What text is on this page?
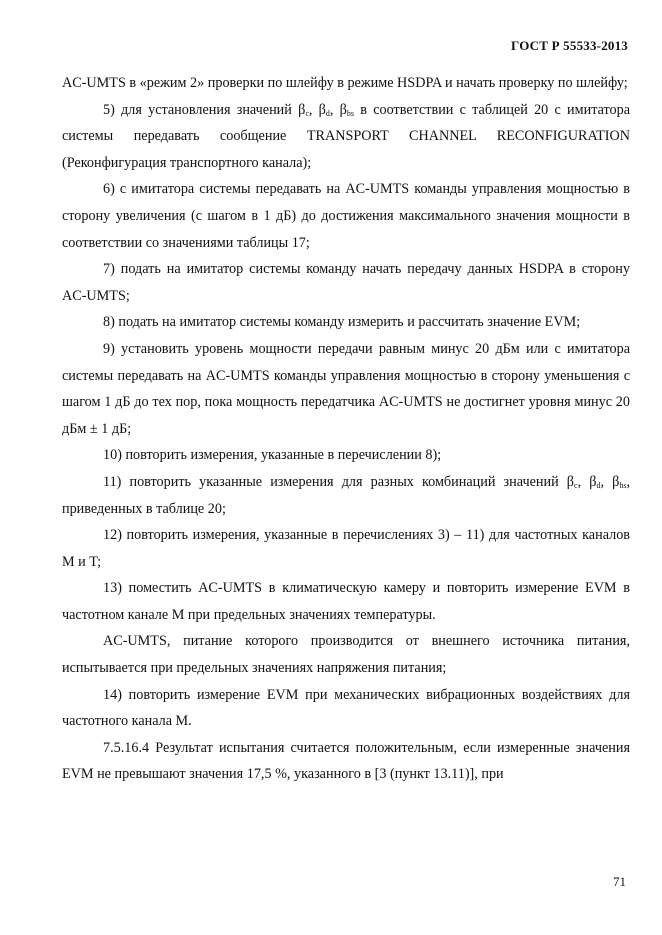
ГОСТ Р 55533-2013

AC-UMTS в «режим 2» проверки по шлейфу в режиме HSDPA и начать проверку по шлейфу;

5) для установления значений $\beta_c$, $\beta_d$, $\beta_{hs}$ в соответствии с таблицей 20 с имитатора системы передавать сообщение TRANSPORT CHANNEL RECONFIGURATION (Реконфигурация транспортного канала);

6) с имитатора системы передавать на AC-UMTS команды управления мощностью в сторону увеличения (с шагом в 1 дБ) до достижения максимального значения мощности в соответствии со значениями таблицы 17;

7) подать на имитатор системы команду начать передачу данных HSDPA в сторону AC-UMTS;

8) подать на имитатор системы команду измерить и рассчитать значение EVM;

9) установить уровень мощности передачи равным минус 20 дБм или с имитатора системы передавать на AC-UMTS команды управления мощностью в сторону уменьшения с шагом 1 дБ до тех пор, пока мощность передатчика AC-UMTS не достигнет уровня минус 20 дБм ± 1 дБ;

10) повторить измерения, указанные в перечислении 8);

11) повторить указанные измерения для разных комбинаций значений $\beta_c$, $\beta_d$, $\beta_{hs}$, приведенных в таблице 20;

12) повторить измерения, указанные в перечислениях 3) – 11) для частотных каналов M и T;

13) поместить AC-UMTS в климатическую камеру и повторить измерение EVM в частотном канале M при предельных значениях температуры.

AC-UMTS, питание которого производится от внешнего источника питания, испытывается при предельных значениях напряжения питания;

14) повторить измерение EVM при механических вибрационных воздействиях для частотного канала M.

7.5.16.4 Результат испытания считается положительным, если измеренные значения EVM не превышают значения 17,5 %, указанного в [3 (пункт 13.11)], при

71
